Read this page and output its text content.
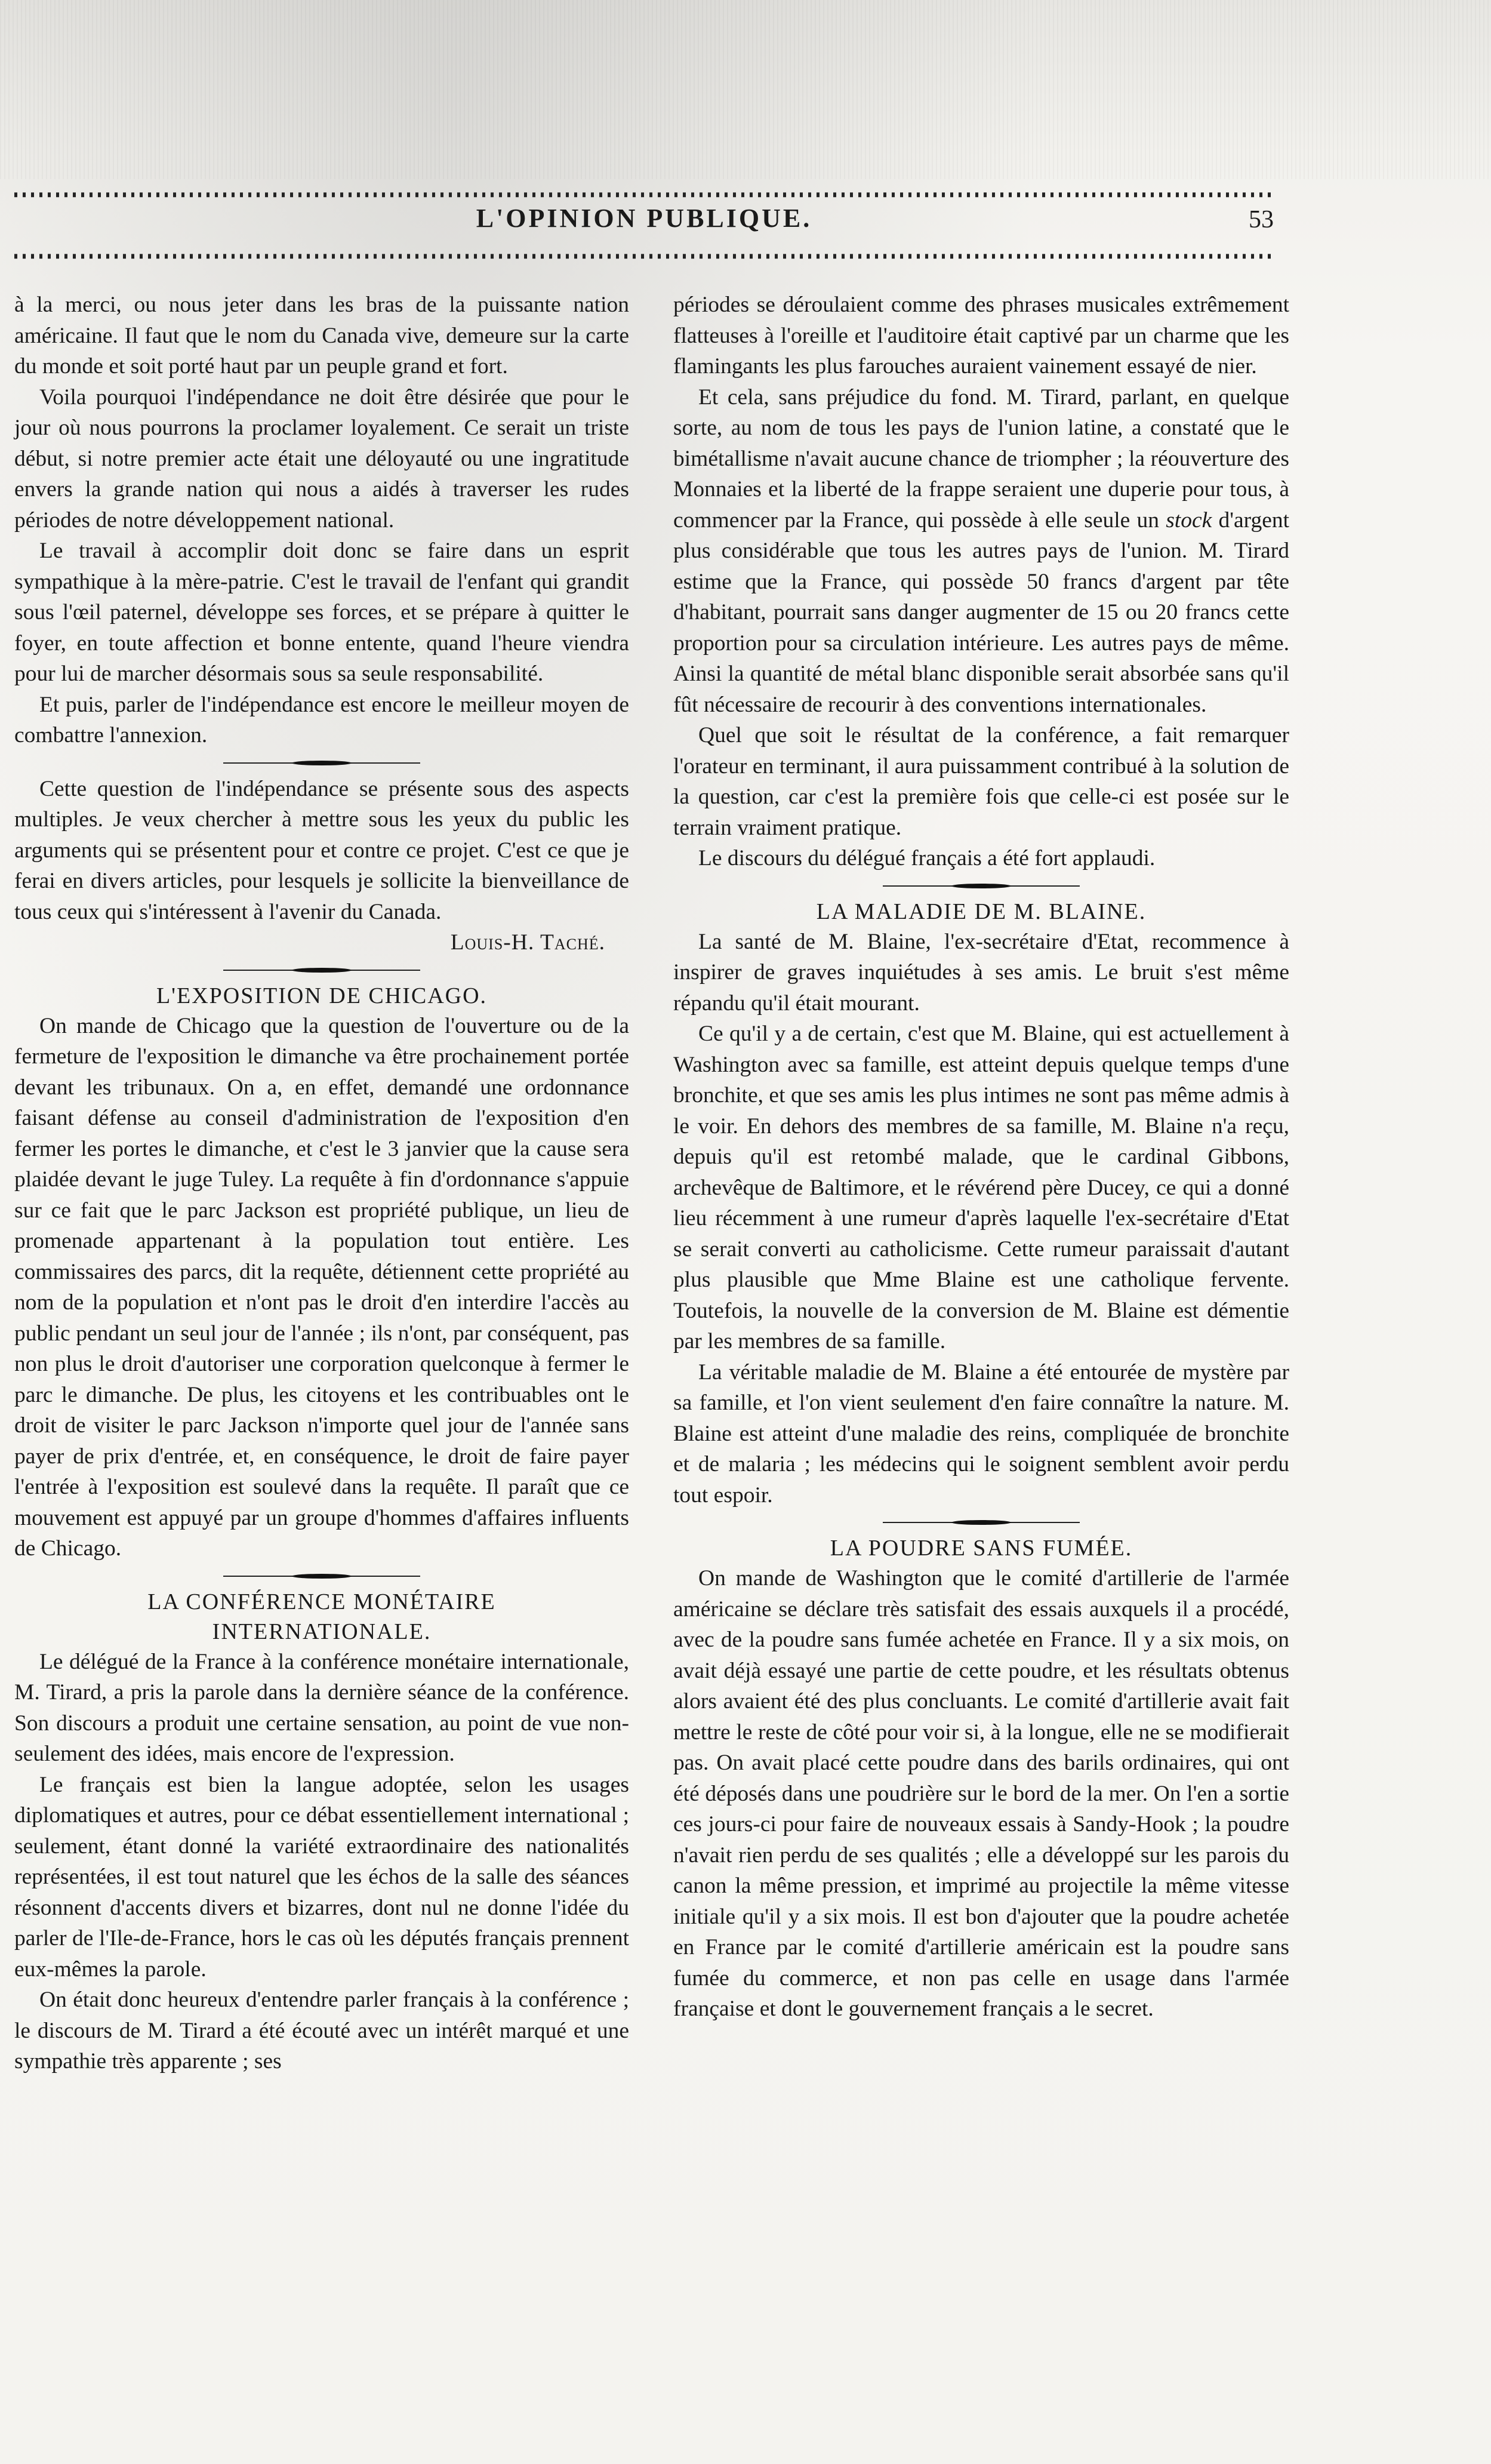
L'OPINION PUBLIQUE.	53

à la merci, ou nous jeter dans les bras de la puissante nation américaine. Il faut que le nom du Canada vive, demeure sur la carte du monde et soit porté haut par un peuple grand et fort.

Voila pourquoi l'indépendance ne doit être désirée que pour le jour où nous pourrons la proclamer loyalement. Ce serait un triste début, si notre premier acte était une déloyauté ou une ingratitude envers la grande nation qui nous a aidés à traverser les rudes périodes de notre développement national.

Le travail à accomplir doit donc se faire dans un esprit sympathique à la mère-patrie. C'est le travail de l'enfant qui grandit sous l'œil paternel, développe ses forces, et se prépare à quitter le foyer, en toute affection et bonne entente, quand l'heure viendra pour lui de marcher désormais sous sa seule responsabilité.

Et puis, parler de l'indépendance est encore le meilleur moyen de combattre l'annexion.

Cette question de l'indépendance se présente sous des aspects multiples. Je veux chercher à mettre sous les yeux du public les arguments qui se présentent pour et contre ce projet. C'est ce que je ferai en divers articles, pour lesquels je sollicite la bienveillance de tous ceux qui s'intéressent à l'avenir du Canada.

Louis-H. Taché.
L'EXPOSITION DE CHICAGO.

On mande de Chicago que la question de l'ouverture ou de la fermeture de l'exposition le dimanche va être prochainement portée devant les tribunaux. On a, en effet, demandé une ordonnance faisant défense au conseil d'administration de l'exposition d'en fermer les portes le dimanche, et c'est le 3 janvier que la cause sera plaidée devant le juge Tuley. La requête à fin d'ordonnance s'appuie sur ce fait que le parc Jackson est propriété publique, un lieu de promenade appartenant à la population tout entière. Les commissaires des parcs, dit la requête, détiennent cette propriété au nom de la population et n'ont pas le droit d'en interdire l'accès au public pendant un seul jour de l'année ; ils n'ont, par conséquent, pas non plus le droit d'autoriser une corporation quelconque à fermer le parc le dimanche. De plus, les citoyens et les contribuables ont le droit de visiter le parc Jackson n'importe quel jour de l'année sans payer de prix d'entrée, et, en conséquence, le droit de faire payer l'entrée à l'exposition est soulevé dans la requête. Il paraît que ce mouvement est appuyé par un groupe d'hommes d'affaires influents de Chicago.

LA CONFÉRENCE MONÉTAIRE
INTERNATIONALE.

Le délégué de la France à la conférence monétaire internationale, M. Tirard, a pris la parole dans la dernière séance de la conférence. Son discours a produit une certaine sensation, au point de vue non-seulement des idées, mais encore de l'expression.

Le français est bien la langue adoptée, selon les usages diplomatiques et autres, pour ce débat essentiellement international ; seulement, étant donné la variété extraordinaire des nationalités représentées, il est tout naturel que les échos de la salle des séances résonnent d'accents divers et bizarres, dont nul ne donne l'idée du parler de l'Ile-de-France, hors le cas où les députés français prennent eux-mêmes la parole.

On était donc heureux d'entendre parler français à la conférence ; le discours de M. Tirard a été écouté avec un intérêt marqué et une sympathie très apparente ; ses

périodes se déroulaient comme des phrases musicales extrêmement flatteuses à l'oreille et l'auditoire était captivé par un charme que les flamingants les plus farouches auraient vainement essayé de nier.

Et cela, sans préjudice du fond. M. Tirard, parlant, en quelque sorte, au nom de tous les pays de l'union latine, a constaté que le bimétallisme n'avait aucune chance de triompher ; la réouverture des Monnaies et la liberté de la frappe seraient une duperie pour tous, à commencer par la France, qui possède à elle seule un stock d'argent plus considérable que tous les autres pays de l'union. M. Tirard estime que la France, qui possède 50 francs d'argent par tête d'habitant, pourrait sans danger augmenter de 15 ou 20 francs cette proportion pour sa circulation intérieure. Les autres pays de même. Ainsi la quantité de métal blanc disponible serait absorbée sans qu'il fût nécessaire de recourir à des conventions internationales.

Quel que soit le résultat de la conférence, a fait remarquer l'orateur en terminant, il aura puissamment contribué à la solution de la question, car c'est la première fois que celle-ci est posée sur le terrain vraiment pratique.

Le discours du délégué français a été fort applaudi.

LA MALADIE DE M. BLAINE.

La santé de M. Blaine, l'ex-secrétaire d'Etat, recommence à inspirer de graves inquiétudes à ses amis. Le bruit s'est même répandu qu'il était mourant.

Ce qu'il y a de certain, c'est que M. Blaine, qui est actuellement à Washington avec sa famille, est atteint depuis quelque temps d'une bronchite, et que ses amis les plus intimes ne sont pas même admis à le voir. En dehors des membres de sa famille, M. Blaine n'a reçu, depuis qu'il est retombé malade, que le cardinal Gibbons, archevêque de Baltimore, et le révérend père Ducey, ce qui a donné lieu récemment à une rumeur d'après laquelle l'ex-secrétaire d'Etat se serait converti au catholicisme. Cette rumeur paraissait d'autant plus plausible que Mme Blaine est une catholique fervente. Toutefois, la nouvelle de la conversion de M. Blaine est démentie par les membres de sa famille.

La véritable maladie de M. Blaine a été entourée de mystère par sa famille, et l'on vient seulement d'en faire connaître la nature. M. Blaine est atteint d'une maladie des reins, compliquée de bronchite et de malaria ; les médecins qui le soignent semblent avoir perdu tout espoir.

LA POUDRE SANS FUMÉE.

On mande de Washington que le comité d'artillerie de l'armée américaine se déclare très satisfait des essais auxquels il a procédé, avec de la poudre sans fumée achetée en France. Il y a six mois, on avait déjà essayé une partie de cette poudre, et les résultats obtenus alors avaient été des plus concluants. Le comité d'artillerie avait fait mettre le reste de côté pour voir si, à la longue, elle ne se modifierait pas. On avait placé cette poudre dans des barils ordinaires, qui ont été déposés dans une poudrière sur le bord de la mer. On l'en a sortie ces jours-ci pour faire de nouveaux essais à Sandy-Hook ; la poudre n'avait rien perdu de ses qualités ; elle a développé sur les parois du canon la même pression, et imprimé au projectile la même vitesse initiale qu'il y a six mois. Il est bon d'ajouter que la poudre achetée en France par le comité d'artillerie américain est la poudre sans fumée du commerce, et non pas celle en usage dans l'armée française et dont le gouvernement français a le secret.
